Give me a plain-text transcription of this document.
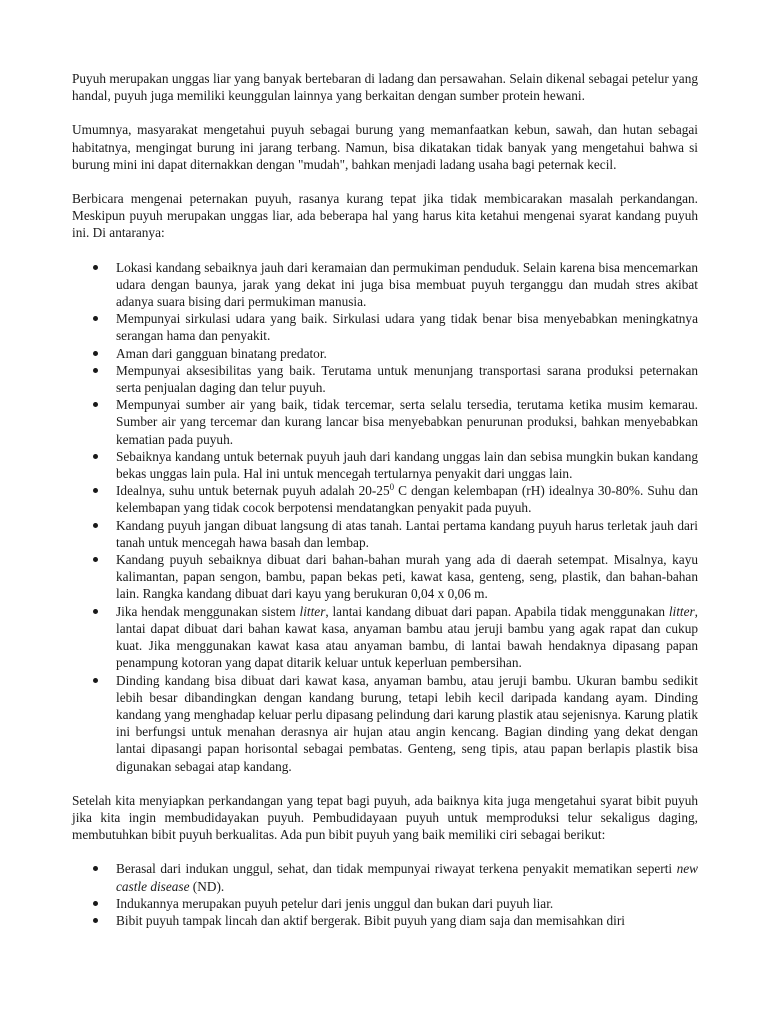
Puyuh merupakan unggas liar yang banyak bertebaran di ladang dan persawahan. Selain dikenal sebagai petelur yang handal, puyuh juga memiliki keunggulan lainnya yang berkaitan dengan sumber protein hewani.

Umumnya, masyarakat mengetahui puyuh sebagai burung yang memanfaatkan kebun, sawah, dan hutan sebagai habitatnya, mengingat burung ini jarang terbang. Namun, bisa dikatakan tidak banyak yang mengetahui bahwa si burung mini ini dapat diternakkan dengan "mudah", bahkan menjadi ladang usaha bagi peternak kecil.

Berbicara mengenai peternakan puyuh, rasanya kurang tepat jika tidak membicarakan masalah perkandangan. Meskipun puyuh merupakan unggas liar, ada beberapa hal yang harus kita ketahui mengenai syarat kandang puyuh ini. Di antaranya:

Lokasi kandang sebaiknya jauh dari keramaian dan permukiman penduduk. Selain karena bisa mencemarkan udara dengan baunya, jarak yang dekat ini juga bisa membuat puyuh terganggu dan mudah stres akibat adanya suara bising dari permukiman manusia.
Mempunyai sirkulasi udara yang baik. Sirkulasi udara yang tidak benar bisa menyebabkan meningkatnya serangan hama dan penyakit.
Aman dari gangguan binatang predator.
Mempunyai aksesibilitas yang baik. Terutama untuk menunjang transportasi sarana produksi peternakan serta penjualan daging dan telur puyuh.
Mempunyai sumber air yang baik, tidak tercemar, serta selalu tersedia, terutama ketika musim kemarau. Sumber air yang tercemar dan kurang lancar bisa menyebabkan penurunan produksi, bahkan menyebabkan kematian pada puyuh.
Sebaiknya kandang untuk beternak puyuh jauh dari kandang unggas lain dan sebisa mungkin bukan kandang bekas unggas lain pula. Hal ini untuk mencegah tertularnya penyakit dari unggas lain.
Idealnya, suhu untuk beternak puyuh adalah $20-25^0$ C dengan kelembapan (rH) idealnya 30-80%. Suhu dan kelembapan yang tidak cocok berpotensi mendatangkan penyakit pada puyuh.
Kandang puyuh jangan dibuat langsung di atas tanah. Lantai pertama kandang puyuh harus terletak jauh dari tanah untuk mencegah hawa basah dan lembap.
Kandang puyuh sebaiknya dibuat dari bahan-bahan murah yang ada di daerah setempat. Misalnya, kayu kalimantan, papan sengon, bambu, papan bekas peti, kawat kasa, genteng, seng, plastik, dan bahan-bahan lain. Rangka kandang dibuat dari kayu yang berukuran 0,04 x 0,06 m.
Jika hendak menggunakan sistem litter, lantai kandang dibuat dari papan. Apabila tidak menggunakan litter, lantai dapat dibuat dari bahan kawat kasa, anyaman bambu atau jeruji bambu yang agak rapat dan cukup kuat. Jika menggunakan kawat kasa atau anyaman bambu, di lantai bawah hendaknya dipasang papan penampung kotoran yang dapat ditarik keluar untuk keperluan pembersihan.
Dinding kandang bisa dibuat dari kawat kasa, anyaman bambu, atau jeruji bambu. Ukuran bambu sedikit lebih besar dibandingkan dengan kandang burung, tetapi lebih kecil daripada kandang ayam. Dinding kandang yang menghadap keluar perlu dipasang pelindung dari karung plastik atau sejenisnya. Karung platik ini berfungsi untuk menahan derasnya air hujan atau angin kencang. Bagian dinding yang dekat dengan lantai dipasangi papan horisontal sebagai pembatas. Genteng, seng tipis, atau papan berlapis plastik bisa digunakan sebagai atap kandang.

Setelah kita menyiapkan perkandangan yang tepat bagi puyuh, ada baiknya kita juga mengetahui syarat bibit puyuh jika kita ingin membudidayakan puyuh. Pembudidayaan puyuh untuk memproduksi telur sekaligus daging, membutuhkan bibit puyuh berkualitas. Ada pun bibit puyuh yang baik memiliki ciri sebagai berikut:

Berasal dari indukan unggul, sehat, dan tidak mempunyai riwayat terkena penyakit mematikan seperti new castle disease (ND).
Indukannya merupakan puyuh petelur dari jenis unggul dan bukan dari puyuh liar.
Bibit puyuh tampak lincah dan aktif bergerak. Bibit puyuh yang diam saja dan memisahkan diri
